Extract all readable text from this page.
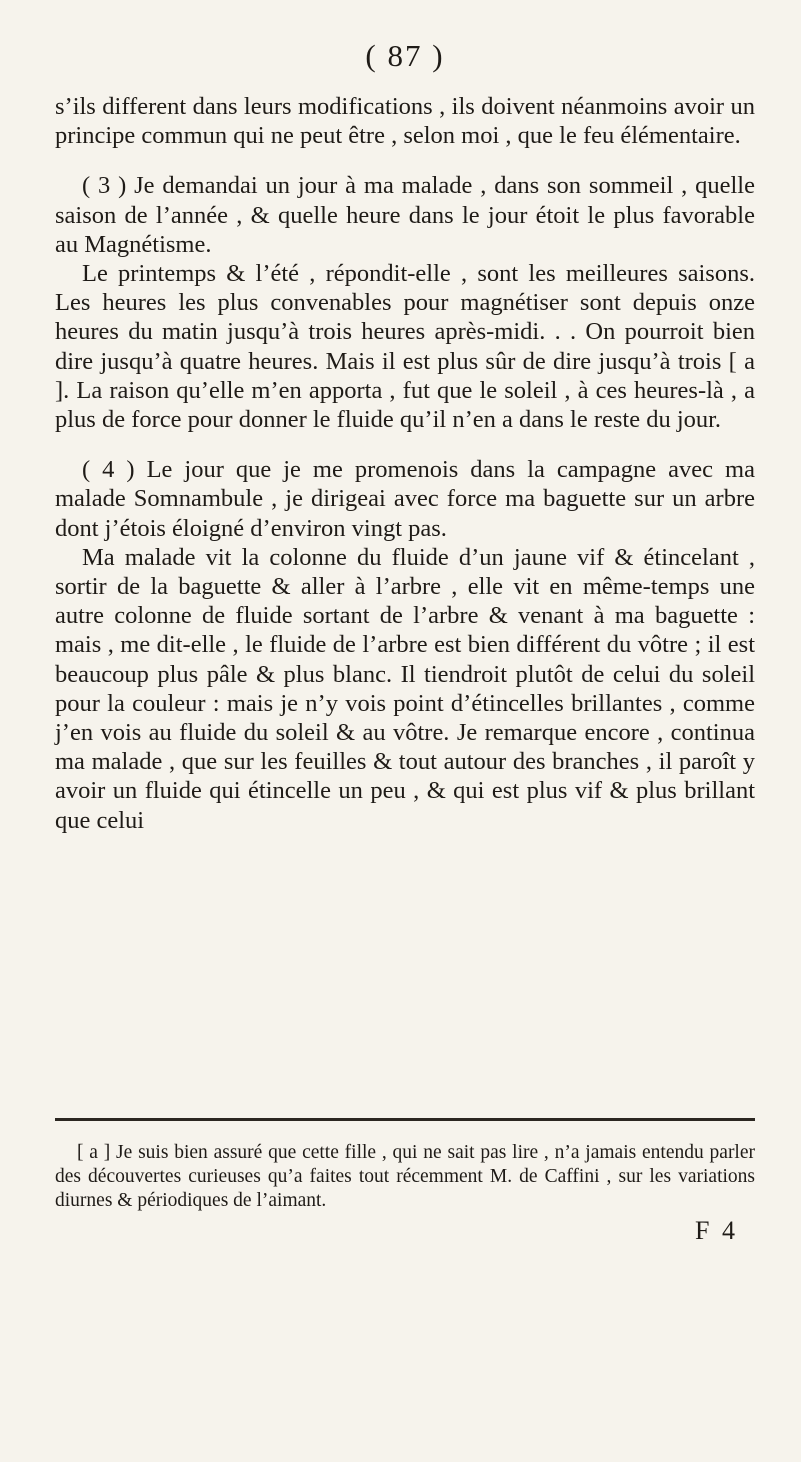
( 87 )

s’ils different dans leurs modifications , ils doivent néanmoins avoir un principe commun qui ne peut être , selon moi , que le feu élémentaire.

( 3 ) Je demandai un jour à ma malade , dans son sommeil , quelle saison de l’année , & quelle heure dans le jour étoit le plus favorable au Magnétisme.

Le printemps & l’été , répondit-elle , sont les meilleures saisons. Les heures les plus convenables pour magnétiser sont depuis onze heures du matin jusqu’à trois heures après-midi. . . On pourroit bien dire jusqu’à quatre heures. Mais il est plus sûr de dire jusqu’à trois [ a ]. La raison qu’elle m’en apporta , fut que le soleil , à ces heures-là , a plus de force pour donner le fluide qu’il n’en a dans le reste du jour.

( 4 ) Le jour que je me promenois dans la campagne avec ma malade Somnambule , je dirigeai avec force ma baguette sur un arbre dont j’étois éloigné d’environ vingt pas.

Ma malade vit la colonne du fluide d’un jaune vif & étincelant , sortir de la baguette & aller à l’arbre , elle vit en même-temps une autre colonne de fluide sortant de l’arbre & venant à ma baguette : mais , me dit-elle , le fluide de l’arbre est bien différent du vôtre ; il est beaucoup plus pâle & plus blanc. Il tiendroit plutôt de celui du soleil pour la couleur : mais je n’y vois point d’étincelles brillantes , comme j’en vois au fluide du soleil & au vôtre. Je remarque encore , continua ma malade , que sur les feuilles & tout autour des branches , il paroît y avoir un fluide qui étincelle un peu , & qui est plus vif & plus brillant que celui

[ a ] Je suis bien assuré que cette fille , qui ne sait pas lire , n’a jamais entendu parler des découvertes curieuses qu’a faites tout récemment M. de Caffini , sur les variations diurnes & périodiques de l’aimant.

F 4
